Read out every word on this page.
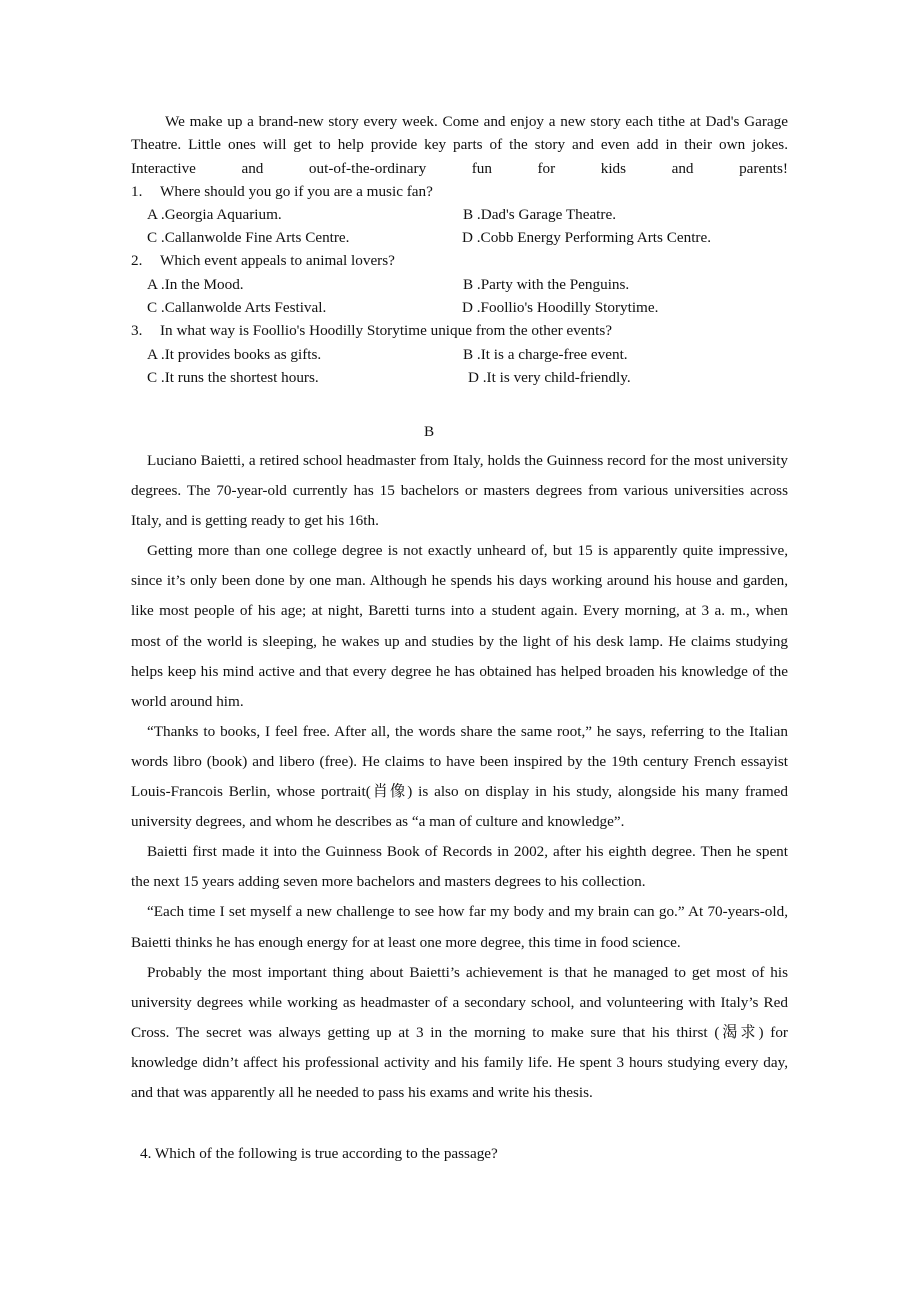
We make up a brand-new story every week. Come and enjoy a new story each tithe at Dad's Garage Theatre. Little ones will get to help provide key parts of the story and even add in their own jokes. Interactive and out-of-the-ordinary fun for kids and parents!

1. Where should you go if you are a music fan?
A .Georgia Aquarium.	B .Dad's Garage Theatre.
C .Callanwolde Fine Arts Centre.	D .Cobb Energy Performing Arts Centre.
2. Which event appeals to animal lovers?
A .In the Mood.	B .Party with the Penguins.
C .Callanwolde Arts Festival.	D .Foollio's Hoodilly Storytime.
3. In what way is Foollio's Hoodilly Storytime unique from the other events?
A .It provides books as gifts.	B .It is a charge-free event.
C .It runs the shortest hours.	D .It is very child-friendly.
B

Luciano Baietti, a retired school headmaster from Italy, holds the Guinness record for the most university degrees. The 70-year-old currently has 15 bachelors or masters degrees from various universities across Italy, and is getting ready to get his 16th.

Getting more than one college degree is not exactly unheard of, but 15 is apparently quite impressive, since it’s only been done by one man. Although he spends his days working around his house and garden, like most people of his age; at night, Baretti turns into a student again. Every morning, at 3 a. m., when most of the world is sleeping, he wakes up and studies by the light of his desk lamp. He claims studying helps keep his mind active and that every degree he has obtained has helped broaden his knowledge of the world around him.

“Thanks to books, I feel free. After all, the words share the same root,” he says, referring to the Italian words libro (book) and libero (free). He claims to have been inspired by the 19th century French essayist Louis-Francois Berlin, whose portrait(肖像) is also on display in his study, alongside his many framed university degrees, and whom he describes as “a man of culture and knowledge”.

Baietti first made it into the Guinness Book of Records in 2002, after his eighth degree. Then he spent the next 15 years adding seven more bachelors and masters degrees to his collection.

“Each time I set myself a new challenge to see how far my body and my brain can go.” At 70-years-old, Baietti thinks he has enough energy for at least one more degree, this time in food science.

Probably the most important thing about Baietti’s achievement is that he managed to get most of his university degrees while working as headmaster of a secondary school, and volunteering with Italy’s Red Cross. The secret was always getting up at 3 in the morning to make sure that his thirst (渴求) for knowledge didn’t affect his professional activity and his family life. He spent 3 hours studying every day, and that was apparently all he needed to pass his exams and write his thesis.

4. Which of the following is true according to the passage?
